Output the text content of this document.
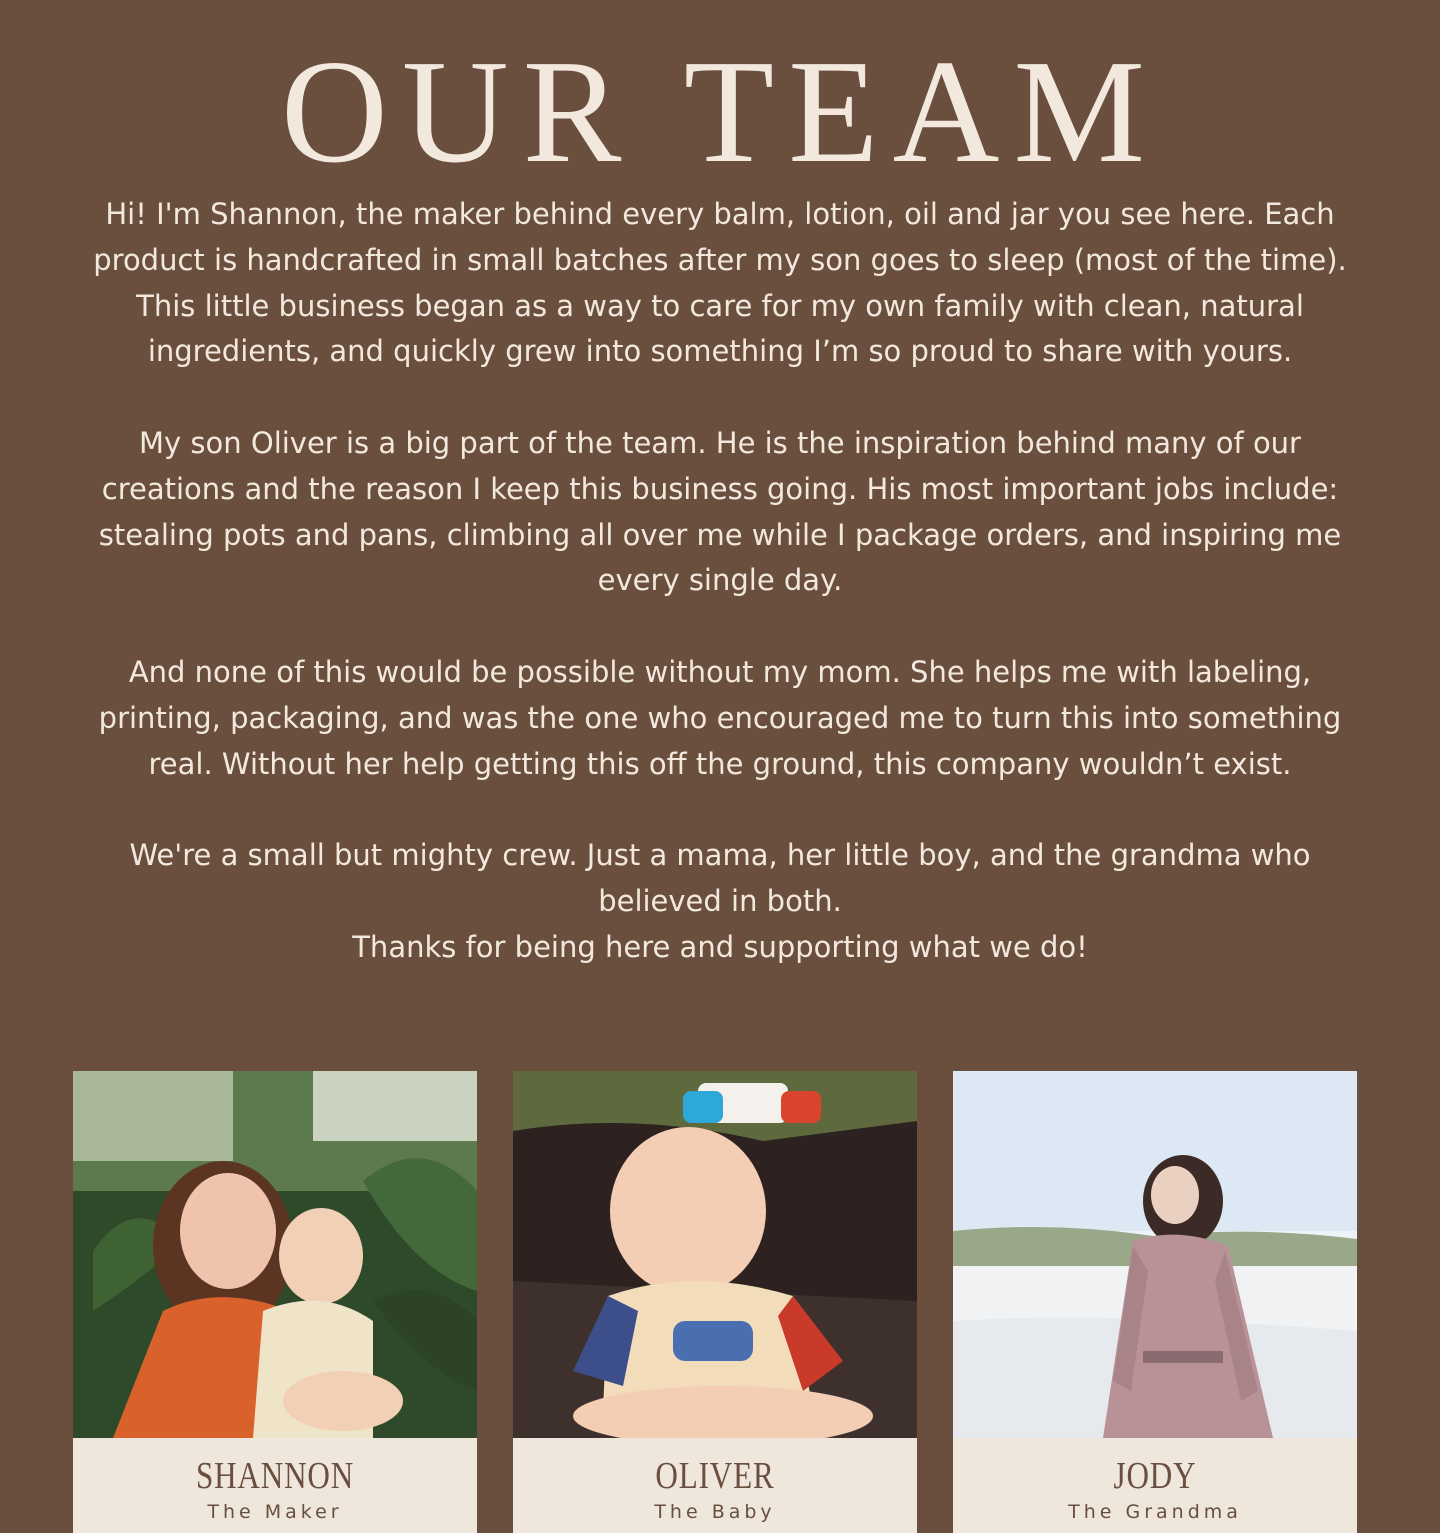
OUR TEAM

Hi! I'm Shannon, the maker behind every balm, lotion, oil and jar you see here. Each product is handcrafted in small batches after my son goes to sleep (most of the time). This little business began as a way to care for my own family with clean, natural ingredients, and quickly grew into something I’m so proud to share with yours.

My son Oliver is a big part of the team. He is the inspiration behind many of our creations and the reason I keep this business going. His most important jobs include: stealing pots and pans, climbing all over me while I package orders, and inspiring me every single day.

And none of this would be possible without my mom. She helps me with labeling, printing, packaging, and was the one who encouraged me to turn this into something real. Without her help getting this off the ground, this company wouldn’t exist.

We're a small but mighty crew. Just a mama, her little boy, and the grandma who believed in both.

Thanks for being here and supporting what we do!

SHANNON
The Maker
OLIVER
The Baby
JODY
The Grandma
